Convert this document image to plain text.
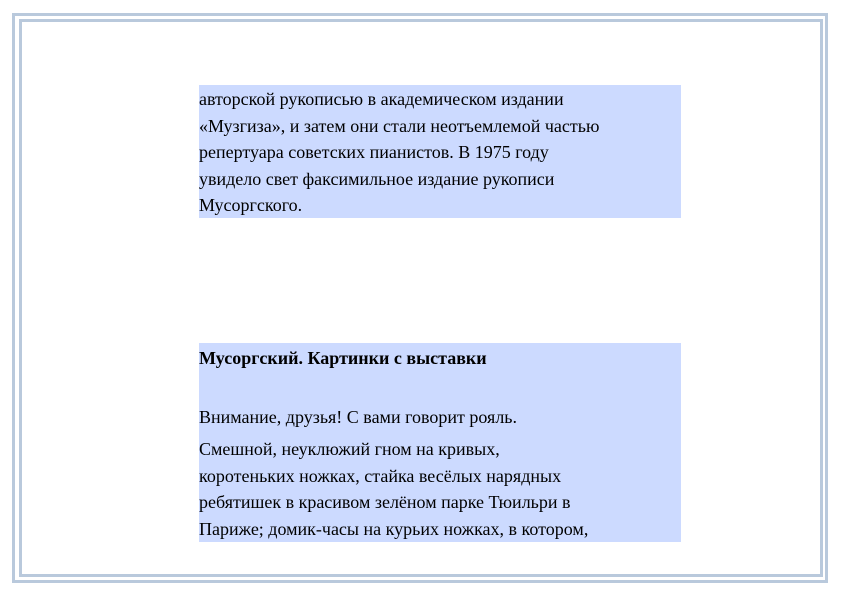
авторской рукописью в академическом издании

«Музгиза», и затем они стали неотъемлемой частью

репертуара советских пианистов. В 1975 году

увидело свет факсимильное издание рукописи

Мусоргского.

Мусоргский. Картинки с выставки

Внимание, друзья! С вами говорит рояль.

Смешной, неуклюжий гном на кривых,

коротеньких ножках, стайка весёлых нарядных

ребятишек в красивом зелёном парке Тюильри в

Париже; домик-часы на курьих ножках, в котором,
